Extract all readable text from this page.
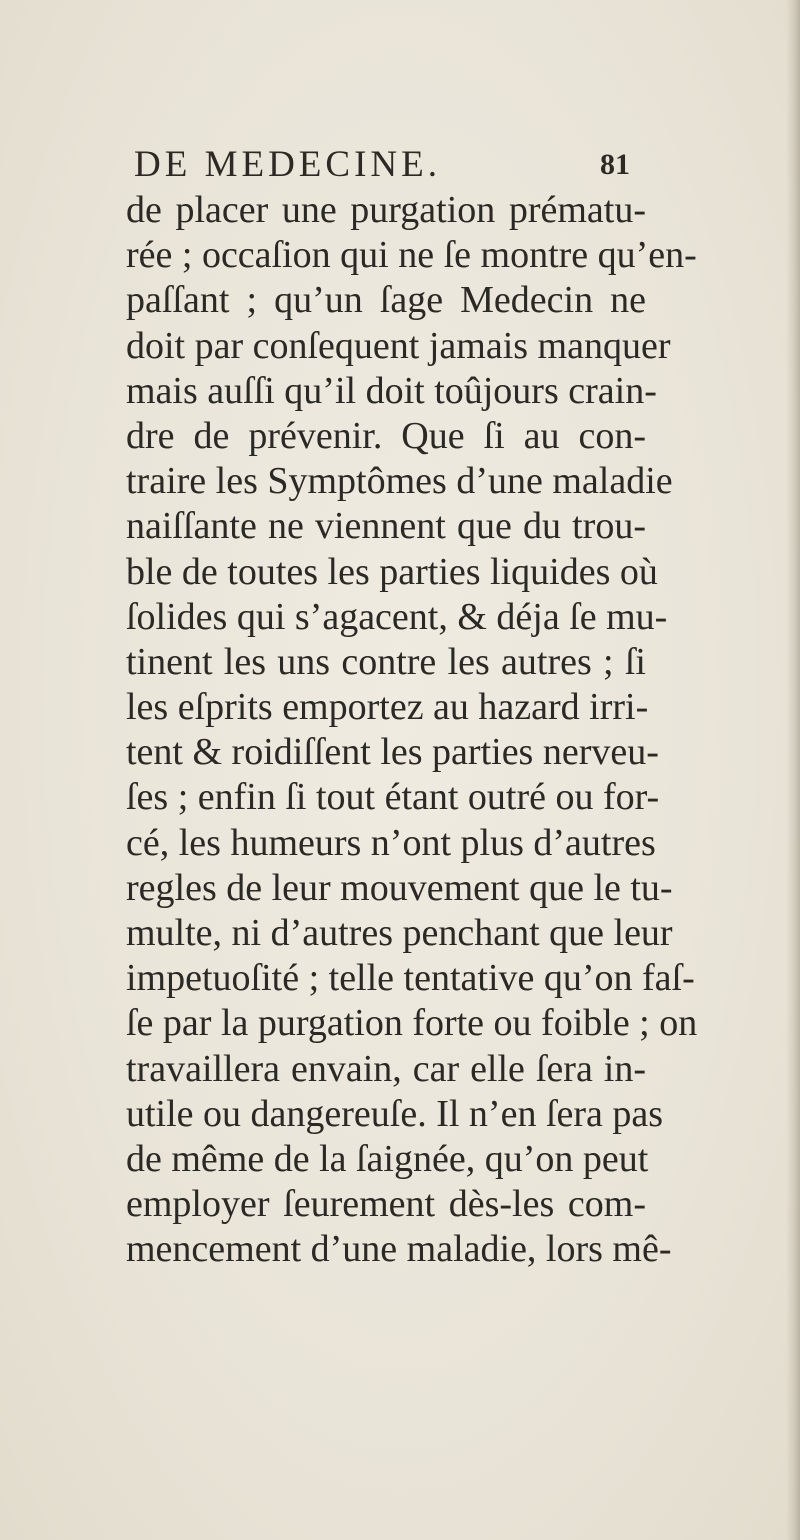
DE MEDECINE.	81
de placer une purgation prématu-
rée ; occaſion qui ne ſe montre qu’en-
paſſant ; qu’un ſage Medecin ne
doit par conſequent jamais manquer
mais auſſi qu’il doit toûjours crain-
dre de prévenir. Que ſi au con-
traire les Symptômes d’une maladie
naiſſante ne viennent que du trou-
ble de toutes les parties liquides où
ſolides qui s’agacent, & déja ſe mu-
tinent les uns contre les autres ; ſi
les eſprits emportez au hazard irri-
tent & roidiſſent les parties nerveu-
ſes ; enfin ſi tout étant outré ou for-
cé, les humeurs n’ont plus d’autres
regles de leur mouvement que le tu-
multe, ni d’autres penchant que leur
impetuoſité ; telle tentative qu’on faſ-
ſe par la purgation forte ou foible ; on
travaillera envain, car elle ſera in-
utile ou dangereuſe. Il n’en ſera pas
de même de la ſaignée, qu’on peut
employer ſeurement dès-les com-
mencement d’une maladie, lors mê-
